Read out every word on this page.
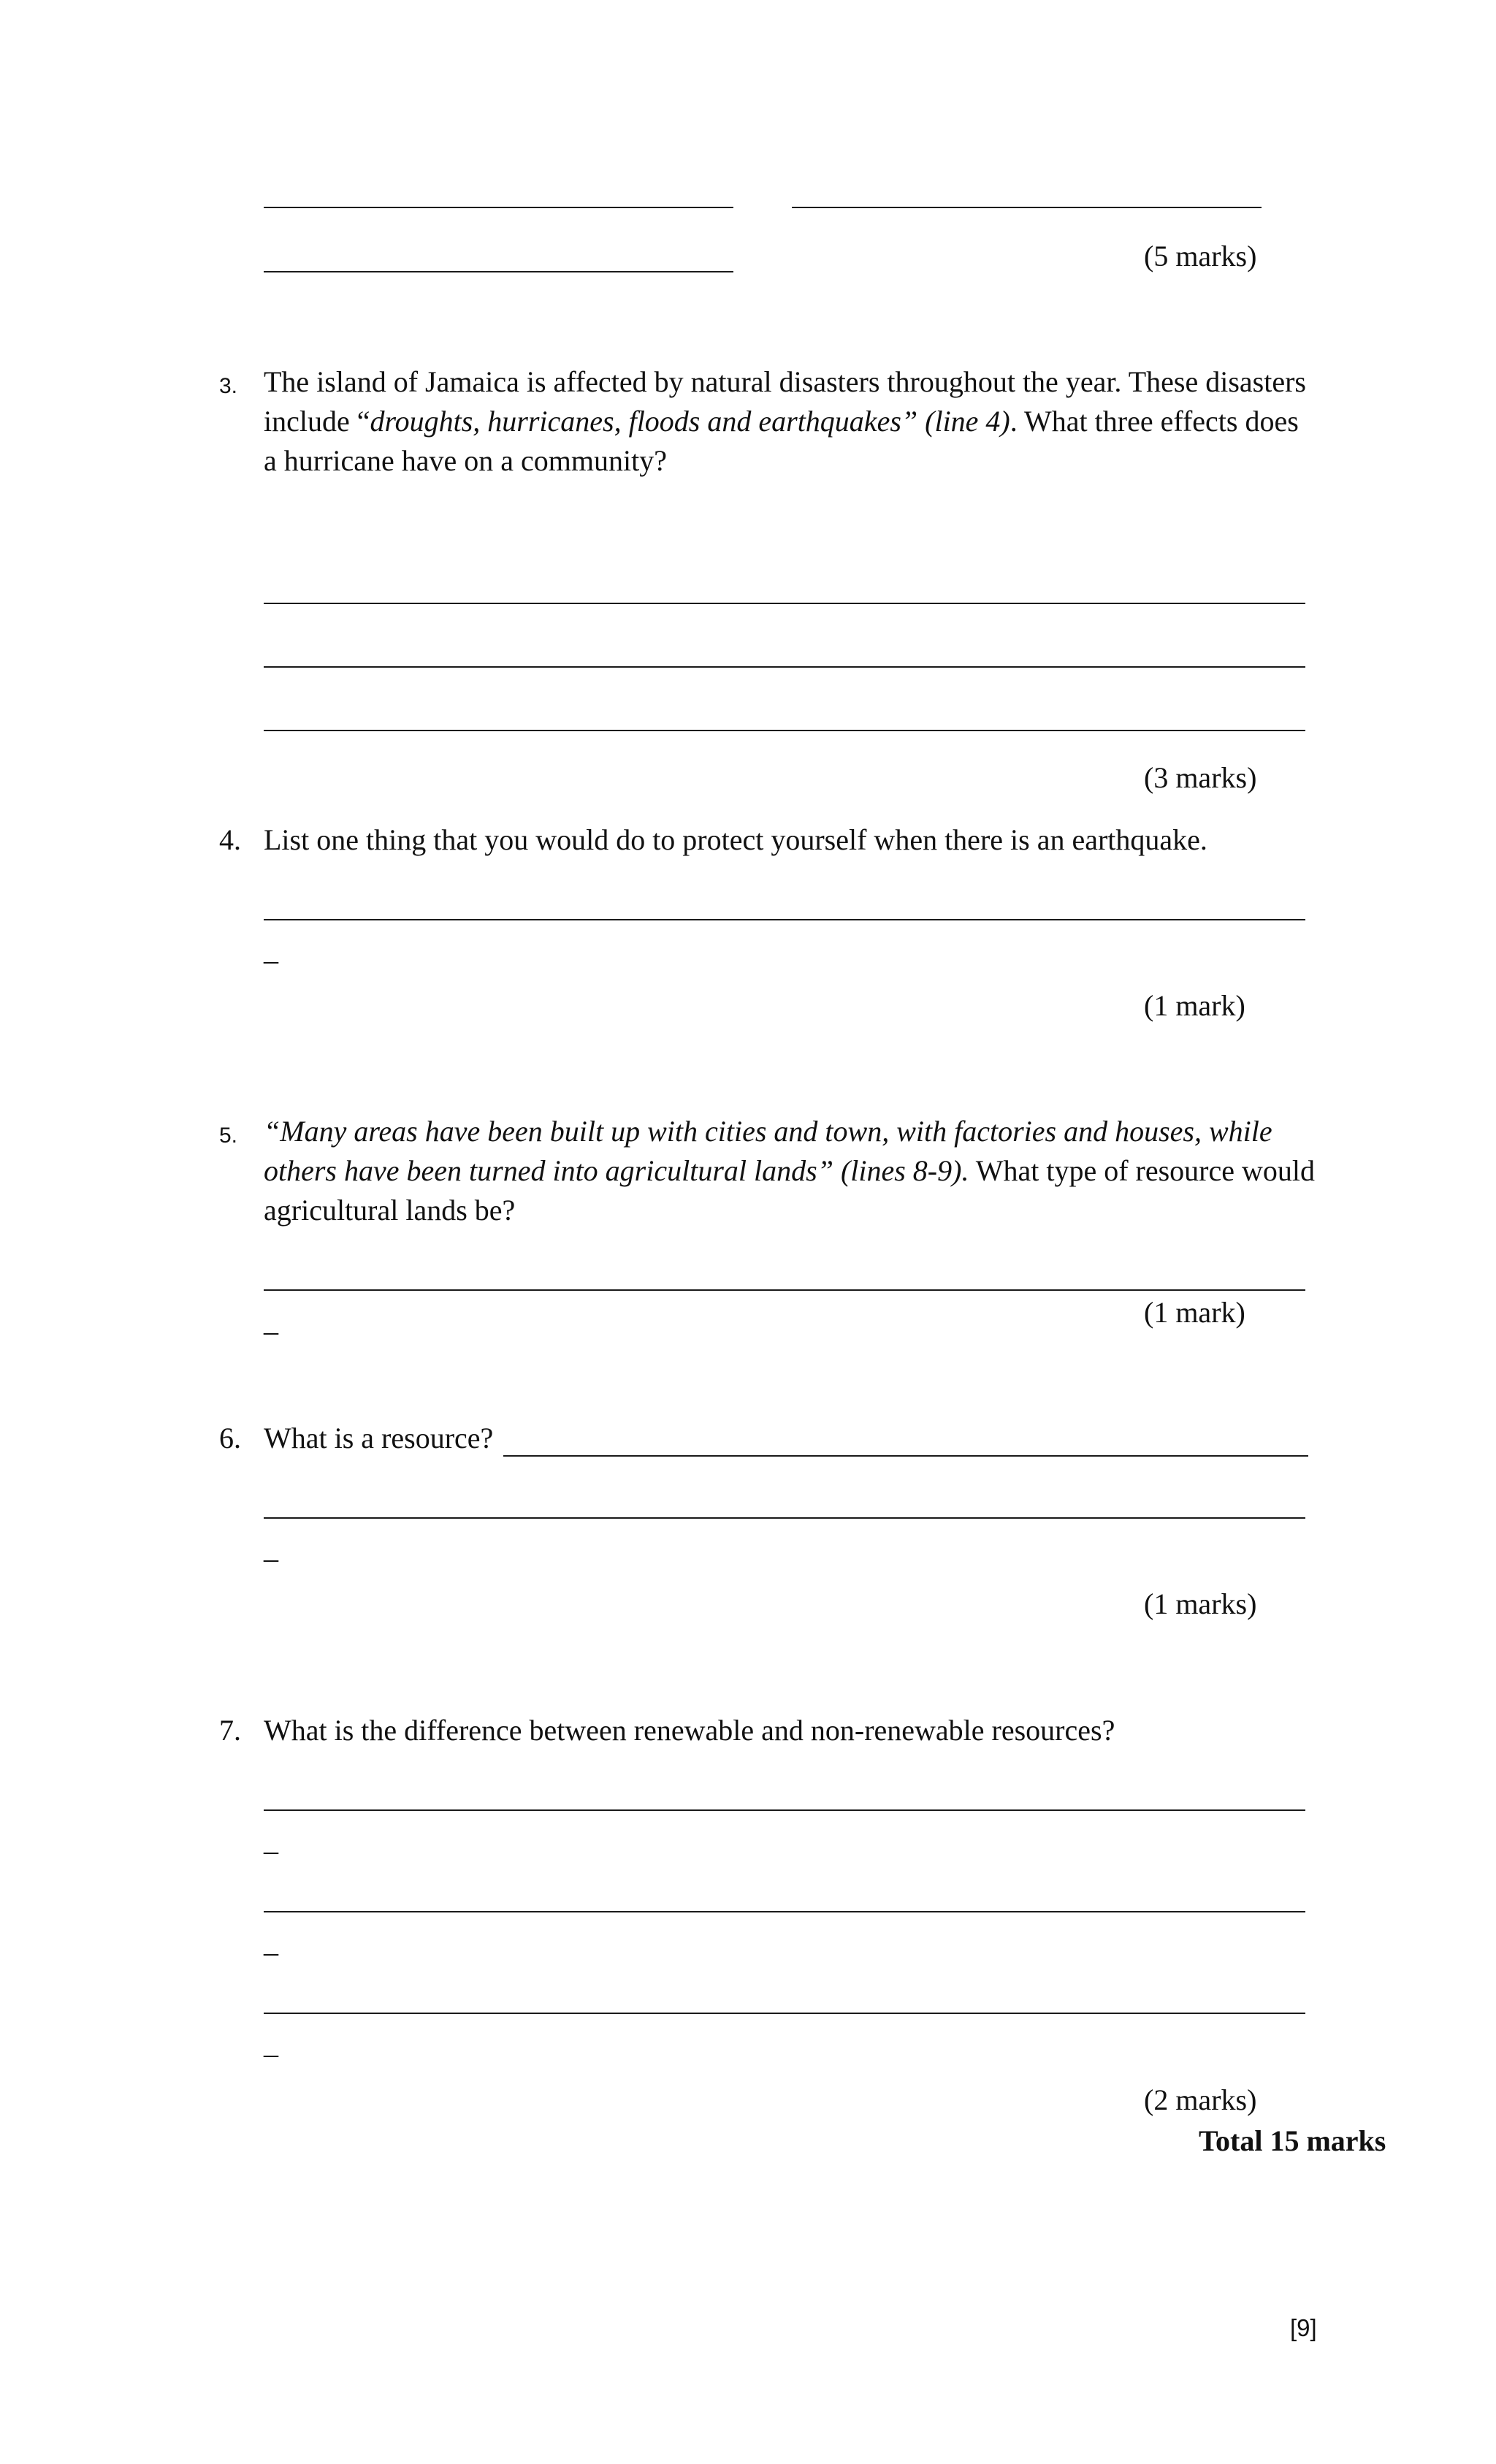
(5 marks)
3. The island of Jamaica is affected by natural disasters throughout the year. These disasters

include “droughts, hurricanes, floods and earthquakes” (line 4). What three effects does

a hurricane have on a community?

(3 marks)
4. List one thing that you would do to protect yourself when there is an earthquake.

_
(1 mark)
5. “Many areas have been built up with cities and town, with factories and houses, while

others have been turned into agricultural lands” (lines 8-9). What type of resource would

agricultural lands be?

(1 mark)
_
6. What is a resource?

_
(1 marks)
7. What is the difference between renewable and non-renewable resources?

_
_
_
(2 marks)
Total 15 marks
[9]
